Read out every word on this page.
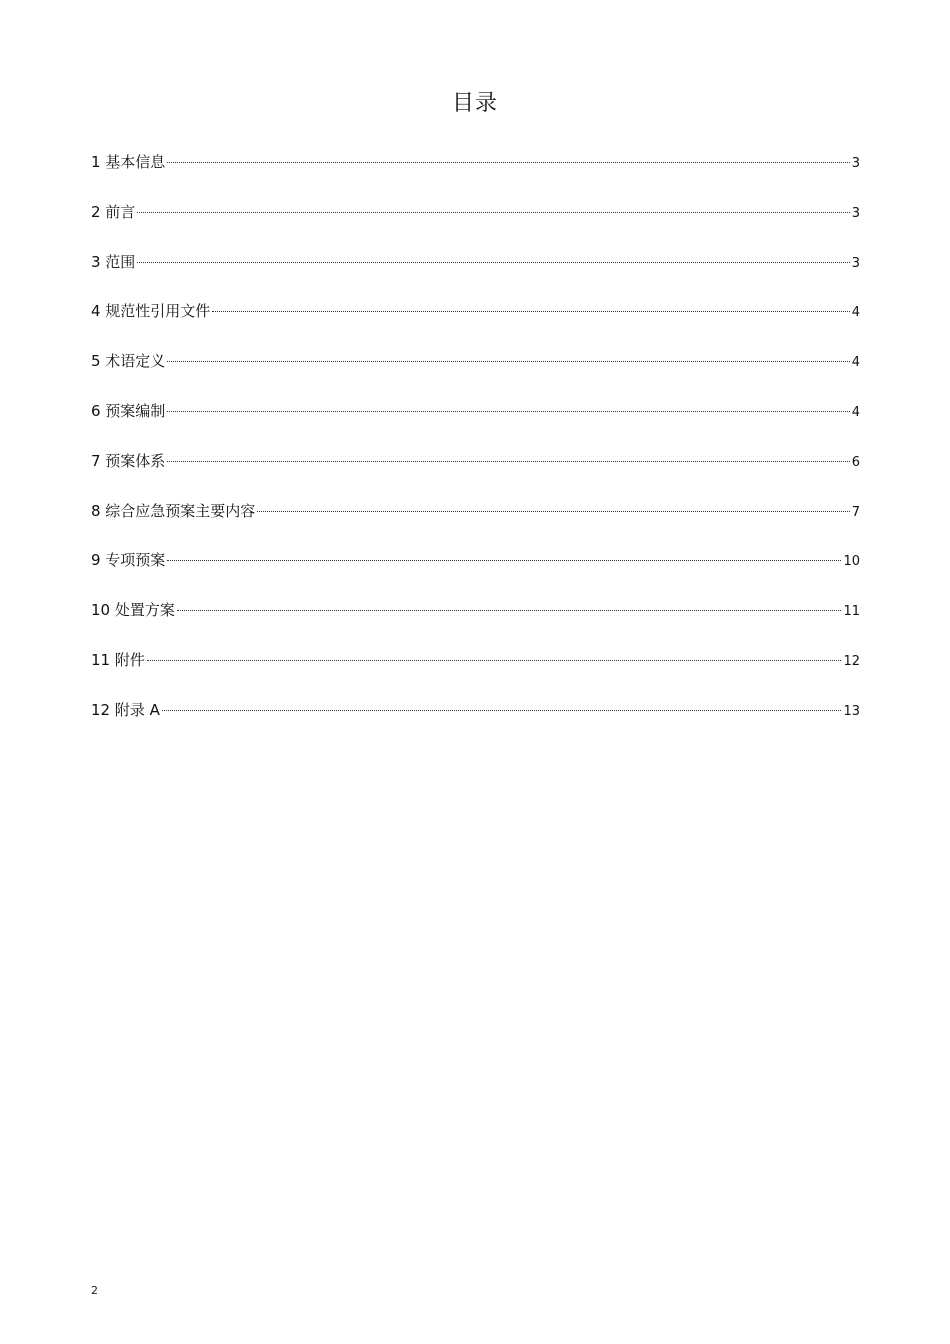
目录
1 基本信息	3
2 前言	3
3 范围	3
4 规范性引用文件	4
5 术语定义	4
6 预案编制	4
7 预案体系	6
8 综合应急预案主要内容	7
9 专项预案	10
10 处置方案	11
11 附件	12
12 附录 A	13
2
